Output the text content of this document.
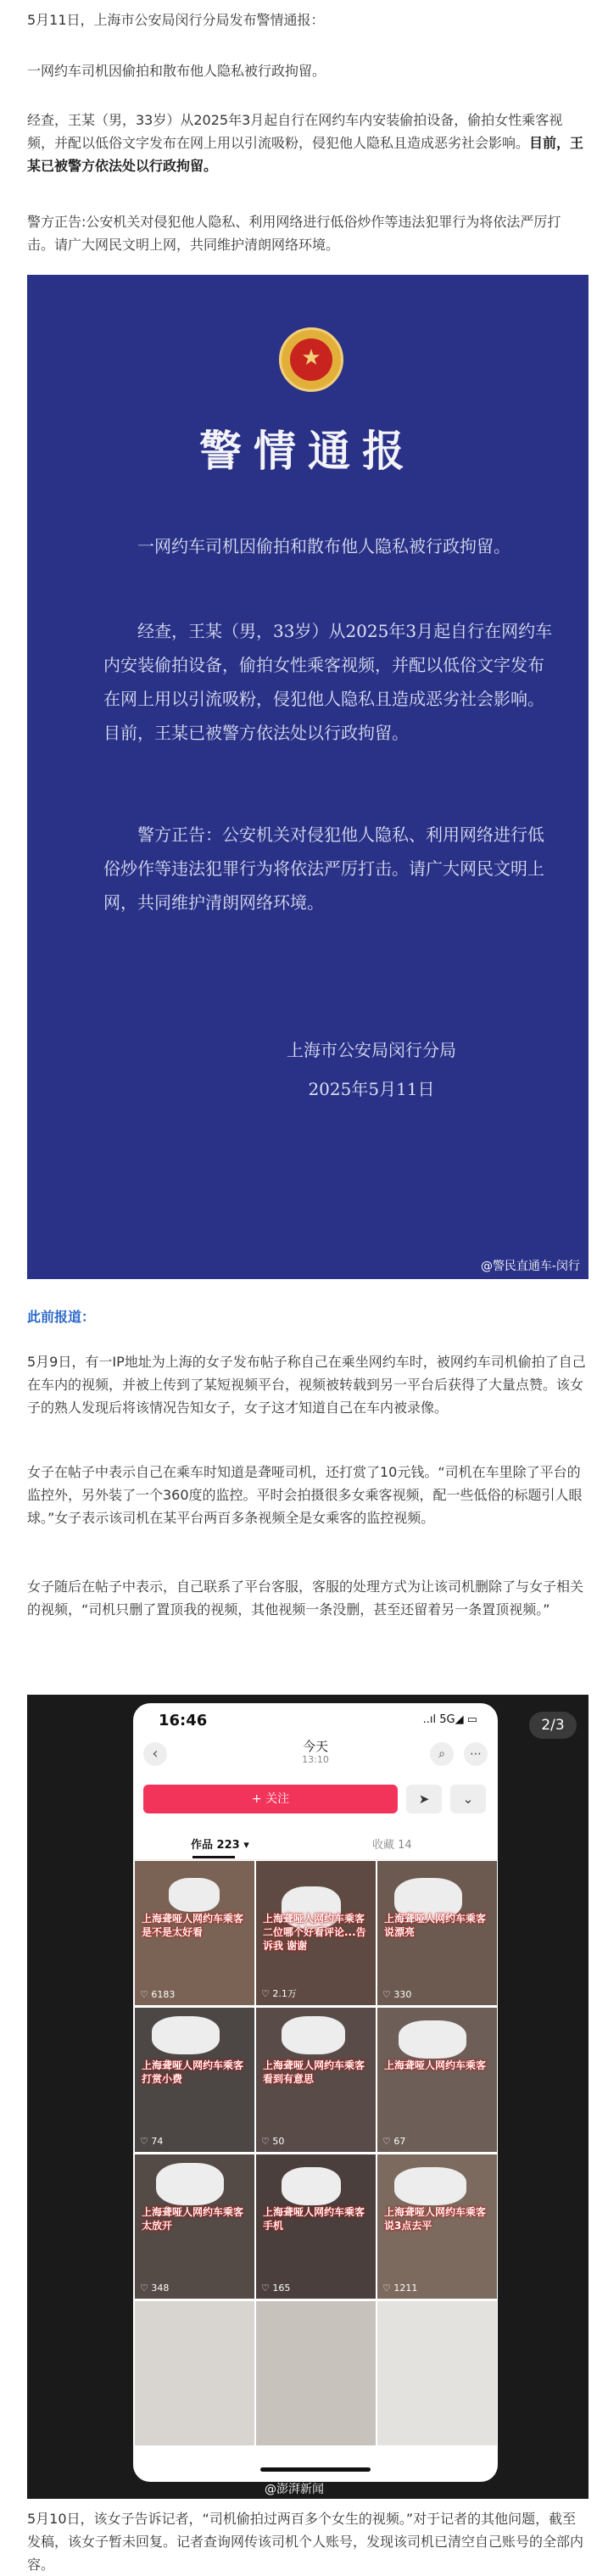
5月11日，上海市公安局闵行分局发布警情通报：

一网约车司机因偷拍和散布他人隐私被行政拘留。

经查，王某（男，33岁）从2025年3月起自行在网约车内安装偷拍设备，偷拍女性乘客视频，并配以低俗文字发布在网上用以引流吸粉，侵犯他人隐私且造成恶劣社会影响。目前，王某已被警方依法处以行政拘留。

警方正告:公安机关对侵犯他人隐私、利用网络进行低俗炒作等违法犯罪行为将依法严厉打击。请广大网民文明上网，共同维护清朗网络环境。

★
警情通报

一网约车司机因偷拍和散布他人隐私被行政拘留。

经查，王某（男，33岁）从2025年3月起自行在网约车内安装偷拍设备，偷拍女性乘客视频，并配以低俗文字发布在网上用以引流吸粉，侵犯他人隐私且造成恶劣社会影响。目前，王某已被警方依法处以行政拘留。

警方正告：公安机关对侵犯他人隐私、利用网络进行低俗炒作等违法犯罪行为将依法严厉打击。请广大网民文明上网，共同维护清朗网络环境。

上海市公安局闵行分局
2025年5月11日
@警民直通车-闵行
此前报道：

5月9日，有一IP地址为上海的女子发布帖子称自己在乘坐网约车时，被网约车司机偷拍了自己在车内的视频，并被上传到了某短视频平台，视频被转载到另一平台后获得了大量点赞。该女子的熟人发现后将该情况告知女子，女子这才知道自己在车内被录像。

女子在帖子中表示自己在乘车时知道是聋哑司机，还打赏了10元钱。“司机在车里除了平台的监控外，另外装了一个360度的监控。平时会拍摄很多女乘客视频，配一些低俗的标题引人眼球。”女子表示该司机在某平台两百多条视频全是女乘客的监控视频。

女子随后在帖子中表示，自己联系了平台客服，客服的处理方式为让该司机删除了与女子相关的视频，“司机只删了置顶我的视频，其他视频一条没删，甚至还留着另一条置顶视频。”

2/3
16:46	..ıl 5G◢ ▭
‹	今天
13:10	⌕	⋯
+ 关注	➤	⌄
作品 223 ▾	收藏 14
上海聋哑人网约车乘客是不是太好看
♡ 6183
上海聋哑人网约车乘客二位哪个好看评论...告诉我 谢谢
♡ 2.1万
上海聋哑人网约车乘客说漂亮
♡ 330
上海聋哑人网约车乘客打赏小费
♡ 74
上海聋哑人网约车乘客看到有意思
♡ 50
上海聋哑人网约车乘客
♡ 67
上海聋哑人网约车乘客太放开
♡ 348
上海聋哑人网约车乘客手机
♡ 165
上海聋哑人网约车乘客说3点去平
♡ 1211
@澎湃新闻

5月10日，该女子告诉记者，“司机偷拍过两百多个女生的视频。”对于记者的其他问题，截至发稿，该女子暂未回复。记者查询网传该司机个人账号，发现该司机已清空自己账号的全部内容。
